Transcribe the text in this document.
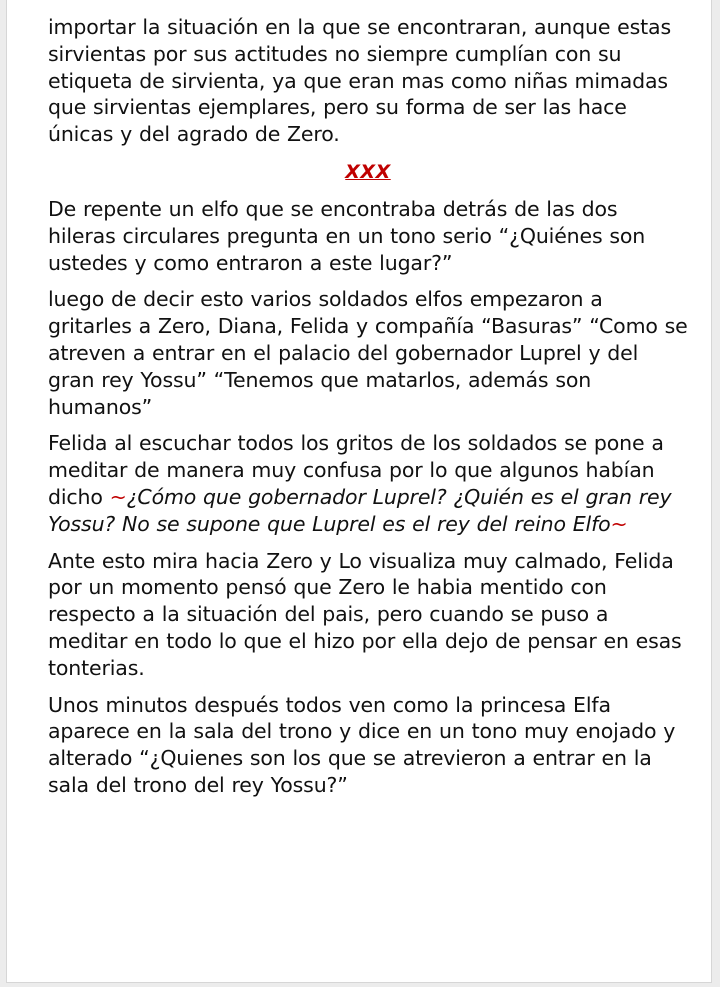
importar la situación en la que se encontraran, aunque estas sirvientas por sus actitudes no siempre cumplían con su etiqueta de sirvienta, ya que eran mas como niñas mimadas que sirvientas ejemplares, pero su forma de ser las hace únicas y del agrado de Zero.

XXX

De repente un elfo que se encontraba detrás de las dos hileras circulares pregunta en un tono serio “¿Quiénes son ustedes y como entraron a este lugar?”

luego de decir esto varios soldados elfos empezaron a gritarles a Zero, Diana, Felida y compañía “Basuras” “Como se atreven a entrar en el palacio del gobernador Luprel y del gran rey Yossu” “Tenemos que matarlos, además son humanos”

Felida al escuchar todos los gritos de los soldados se pone a meditar de manera muy confusa por lo que algunos habían dicho ~¿Cómo que gobernador Luprel? ¿Quién es el gran rey Yossu? No se supone que Luprel es el rey del reino Elfo~

Ante esto mira hacia Zero y Lo visualiza muy calmado, Felida por un momento pensó que Zero le habia mentido con respecto a la situación del pais, pero cuando se puso a meditar en todo lo que el hizo por ella dejo de pensar en esas tonterias.

Unos minutos después todos ven como la princesa Elfa aparece en la sala del trono y dice en un tono muy enojado y alterado “¿Quienes son los que se atrevieron a entrar en la sala del trono del rey Yossu?”
